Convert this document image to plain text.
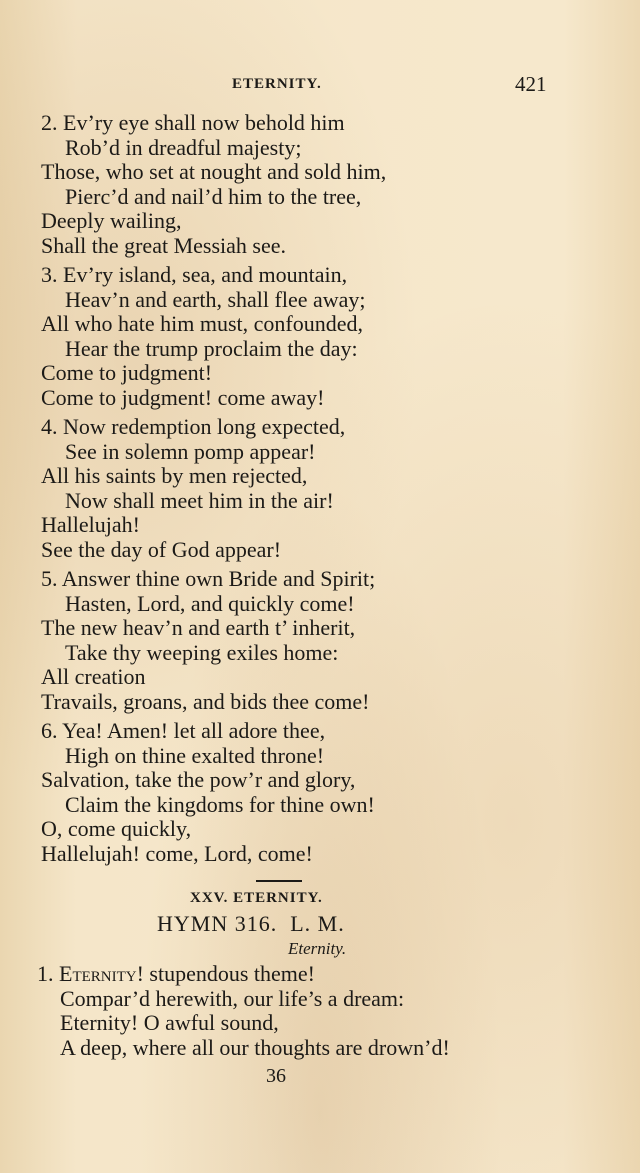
ETERNITY.	421
2. Ev’ry eye shall now behold him
Rob’d in dreadful majesty;
Those, who set at nought and sold him,
Pierc’d and nail’d him to the tree,
Deeply wailing,
Shall the great Messiah see.
3. Ev’ry island, sea, and mountain,
Heav’n and earth, shall flee away;
All who hate him must, confounded,
Hear the trump proclaim the day:
Come to judgment!
Come to judgment! come away!
4. Now redemption long expected,
See in solemn pomp appear!
All his saints by men rejected,
Now shall meet him in the air!
Hallelujah!
See the day of God appear!
5. Answer thine own Bride and Spirit;
Hasten, Lord, and quickly come!
The new heav’n and earth t’ inherit,
Take thy weeping exiles home:
All creation
Travails, groans, and bids thee come!
6. Yea! Amen! let all adore thee,
High on thine exalted throne!
Salvation, take the pow’r and glory,
Claim the kingdoms for thine own!
O, come quickly,
Hallelujah! come, Lord, come!
XXV. ETERNITY.
HYMN 316. L. M.
Eternity.
1. Eternity! stupendous theme!
Compar’d herewith, our life’s a dream:
Eternity! O awful sound,
A deep, where all our thoughts are drown’d!
36
